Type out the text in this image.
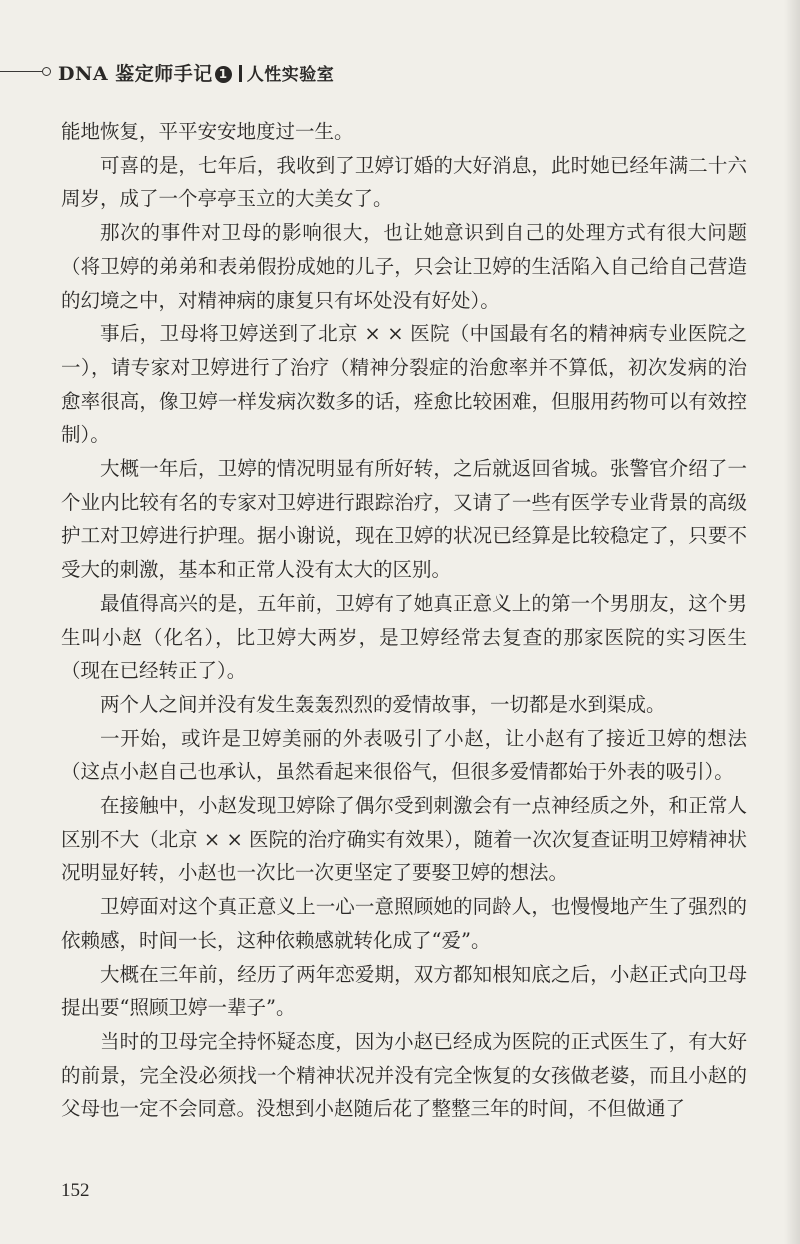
DNA 鉴定师手记 1 人性实验室

能地恢复，平平安安地度过一生。

可喜的是，七年后，我收到了卫婷订婚的大好消息，此时她已经年满二十六周岁，成了一个亭亭玉立的大美女了。

那次的事件对卫母的影响很大，也让她意识到自己的处理方式有很大问题（将卫婷的弟弟和表弟假扮成她的儿子，只会让卫婷的生活陷入自己给自己营造的幻境之中，对精神病的康复只有坏处没有好处）。

事后，卫母将卫婷送到了北京 × × 医院（中国最有名的精神病专业医院之一），请专家对卫婷进行了治疗（精神分裂症的治愈率并不算低，初次发病的治愈率很高，像卫婷一样发病次数多的话，痊愈比较困难，但服用药物可以有效控制）。

大概一年后，卫婷的情况明显有所好转，之后就返回省城。张警官介绍了一个业内比较有名的专家对卫婷进行跟踪治疗，又请了一些有医学专业背景的高级护工对卫婷进行护理。据小谢说，现在卫婷的状况已经算是比较稳定了，只要不受大的刺激，基本和正常人没有太大的区别。

最值得高兴的是，五年前，卫婷有了她真正意义上的第一个男朋友，这个男生叫小赵（化名），比卫婷大两岁，是卫婷经常去复查的那家医院的实习医生（现在已经转正了）。

两个人之间并没有发生轰轰烈烈的爱情故事，一切都是水到渠成。

一开始，或许是卫婷美丽的外表吸引了小赵，让小赵有了接近卫婷的想法（这点小赵自己也承认，虽然看起来很俗气，但很多爱情都始于外表的吸引）。

在接触中，小赵发现卫婷除了偶尔受到刺激会有一点神经质之外，和正常人区别不大（北京 × × 医院的治疗确实有效果），随着一次次复查证明卫婷精神状况明显好转，小赵也一次比一次更坚定了要娶卫婷的想法。

卫婷面对这个真正意义上一心一意照顾她的同龄人，也慢慢地产生了强烈的依赖感，时间一长，这种依赖感就转化成了“爱”。

大概在三年前，经历了两年恋爱期，双方都知根知底之后，小赵正式向卫母提出要“照顾卫婷一辈子”。

当时的卫母完全持怀疑态度，因为小赵已经成为医院的正式医生了，有大好的前景，完全没必须找一个精神状况并没有完全恢复的女孩做老婆，而且小赵的父母也一定不会同意。没想到小赵随后花了整整三年的时间，不但做通了

152
